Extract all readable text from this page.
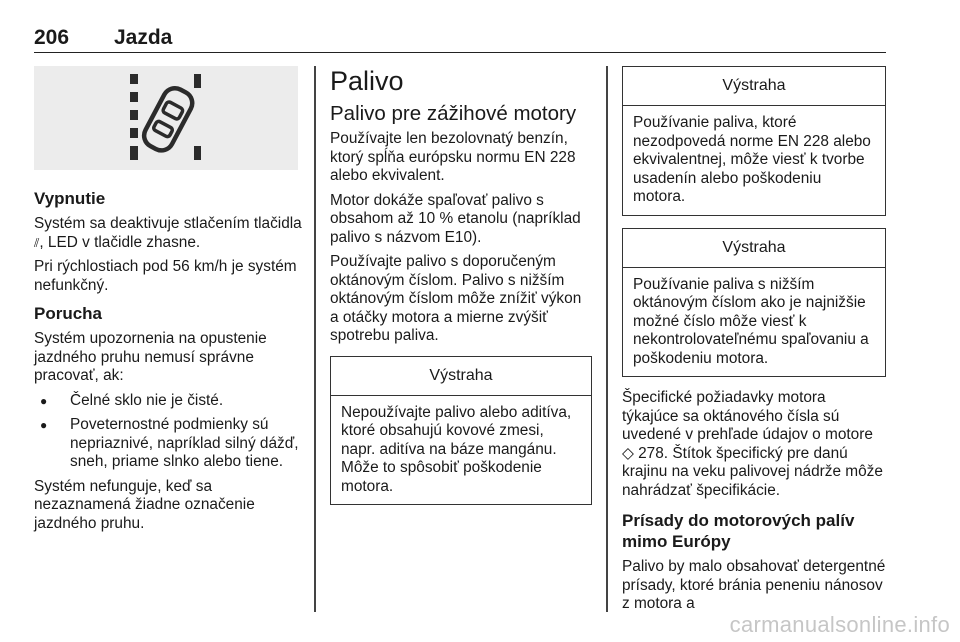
206 Jazda
Vypnutie

Systém sa deaktivuje stlačením tlačidla ⫽, LED v tlačidle zhasne.

Pri rýchlostiach pod 56 km/h je systém nefunkčný.

Porucha

Systém upozornenia na opustenie jazdného pruhu nemusí správne pracovať, ak:

● Čelné sklo nie je čisté.
● Poveternostné podmienky sú nepriaznivé, napríklad silný dážď, sneh, priame slnko alebo tiene.

Systém nefunguje, keď sa nezaznamená žiadne označenie jazdného pruhu.

Palivo
Palivo pre zážihové motory

Používajte len bezolovnatý benzín, ktorý spĺňa európsku normu EN 228 alebo ekvivalent.

Motor dokáže spaľovať palivo s obsahom až 10 % etanolu (napríklad palivo s názvom E10).

Používajte palivo s doporučeným oktánovým číslom. Palivo s nižším oktánovým číslom môže znížiť výkon a otáčky motora a mierne zvýšiť spotrebu paliva.

Výstraha
Nepoužívajte palivo alebo aditíva, ktoré obsahujú kovové zmesi, napr. aditíva na báze mangánu. Môže to spôsobiť poškodenie motora.
Výstraha
Používanie paliva, ktoré nezodpovedá norme EN 228 alebo ekvivalentnej, môže viesť k tvorbe usadenín alebo poškodeniu motora.
Výstraha
Používanie paliva s nižším oktánovým číslom ako je najnižšie možné číslo môže viesť k nekontrolovateľnému spaľovaniu a poškodeniu motora.

Špecifické požiadavky motora týkajúce sa oktánového čísla sú uvedené v prehľade údajov o motore ◇ 278. Štítok špecifický pre danú krajinu na veku palivovej nádrže môže nahrádzať špecifikácie.

Prísady do motorových palív mimo Európy

Palivo by malo obsahovať detergentné prísady, ktoré bránia peneniu nánosov z motora a

carmanualsonline.info
